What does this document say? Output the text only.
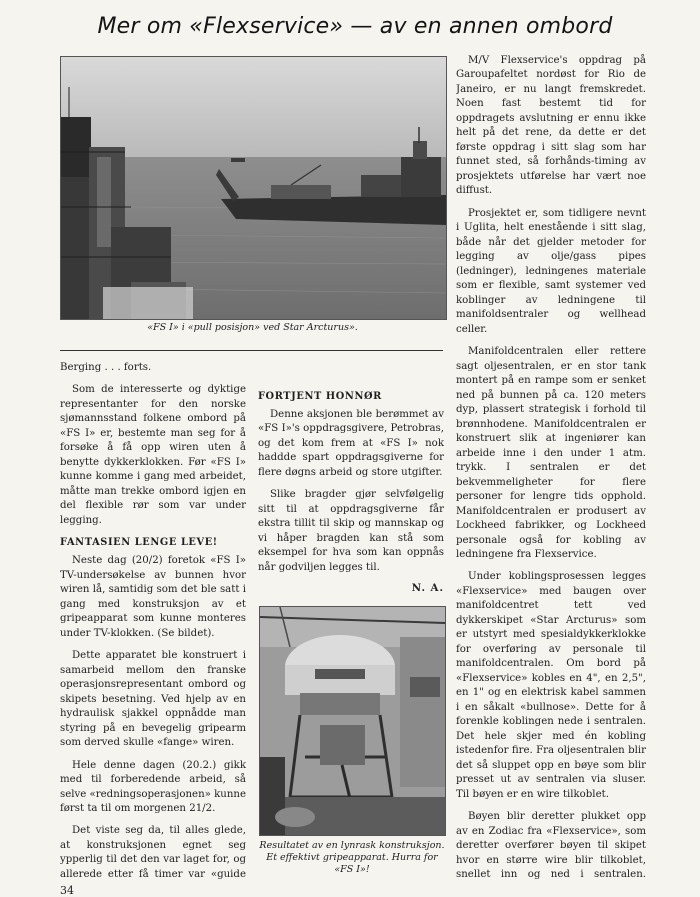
Mer om «Flexservice» — av en annen ombord
«FS I» i «pull posisjon» ved Star Arcturus».

Berging . . . forts.

Som de interesserte og dyktige representanter for den norske sjømannsstand folkene ombord på «FS I» er, bestemte man seg for å forsøke å få opp wiren uten å benytte dykkerklokken. Før «FS I» kunne komme i gang med arbeidet, måtte man trekke ombord igjen en del flexible rør som var under legging.

FANTASIEN LENGE LEVE!

Neste dag (20/2) foretok «FS I» TV-undersøkelse av bunnen hvor wiren lå, samtidig som det ble satt i gang med konstruksjon av et gripeapparat som kunne monteres under TV-klokken. (Se bildet).

Dette apparatet ble konstruert i samarbeid mellom den franske operasjonsrepresentant ombord og skipets besetning. Ved hjelp av en hydraulisk sjakkel oppnådde man styring på en bevegelig gripearm som derved skulle «fange» wiren.

Hele denne dagen (20.2.) gikk med til forberedende arbeid, så selve «redningsoperasjonen» kunne først ta til om morgenen 21/2.

Det viste seg da, til alles glede, at konstruksjonen egnet seg ypperlig til det den var laget for, og allerede etter få timer var «guide

FORTJENT HONNØR

Denne aksjonen ble berømmet av «FS I»'s oppdragsgivere, Petrobras, og det kom frem at «FS I» nok haddde spart oppdragsgiverne for flere døgns arbeid og store utgifter.

Slike bragder gjør selvfølgelig sitt til at oppdragsgiverne får ekstra tillit til skip og mannskap og vi håper bragden kan stå som eksempel for hva som kan oppnås når godviljen legges til.

N. A.
Resultatet av en lynrask konstruksjon. Et effektivt gripeapparat. Hurra for «FS I»!

M/V Flexservice's oppdrag på Garoupafeltet nordøst for Rio de Janeiro, er nu langt fremskredet. Noen fast bestemt tid for oppdragets avslutning er ennu ikke helt på det rene, da dette er det første oppdrag i sitt slag som har funnet sted, så forhånds-timing av prosjektets utførelse har vært noe diffust.

Prosjektet er, som tidligere nevnt i Uglita, helt enestående i sitt slag, både når det gjelder metoder for legging av olje/gass pipes (ledninger), ledningenes materiale som er flexible, samt systemer ved koblinger av ledningene til manifoldsentraler og wellhead celler.

Manifoldcentralen eller rettere sagt oljesentralen, er en stor tank montert på en rampe som er senket ned på bunnen på ca. 120 meters dyp, plassert strategisk i forhold til brønnhodene. Manifoldcentralen er konstruert slik at ingeniører kan arbeide inne i den under 1 atm. trykk. I sentralen er det bekvemmeligheter for flere personer for lengre tids opphold. Manifoldcentralen er produsert av Lockheed fabrikker, og Lockheed personale også for kobling av ledningene fra Flexservice.

Under koblingsprosessen legges «Flexservice» med baugen over manifoldcentret tett ved dykkerskipet «Star Arcturus» som er utstyrt med spesialdykkerklokke for overføring av personale til manifoldcentralen. Om bord på «Flexservice» kobles en 4", en 2,5", en 1" og en elektrisk kabel sammen i en såkalt «bullnose». Dette for å forenkle koblingen nede i sentralen. Det hele skjer med én kobling istedenfor fire. Fra oljesentralen blir det så sluppet opp en bøye som blir presset ut av sentralen via sluser. Til bøyen er en wire tilkoblet.

Bøyen blir deretter plukket opp av en Zodiac fra «Flexservice», som deretter overfører bøyen til skipet hvor en større wire blir tilkoblet, snellet inn og ned i sentralen.

34
